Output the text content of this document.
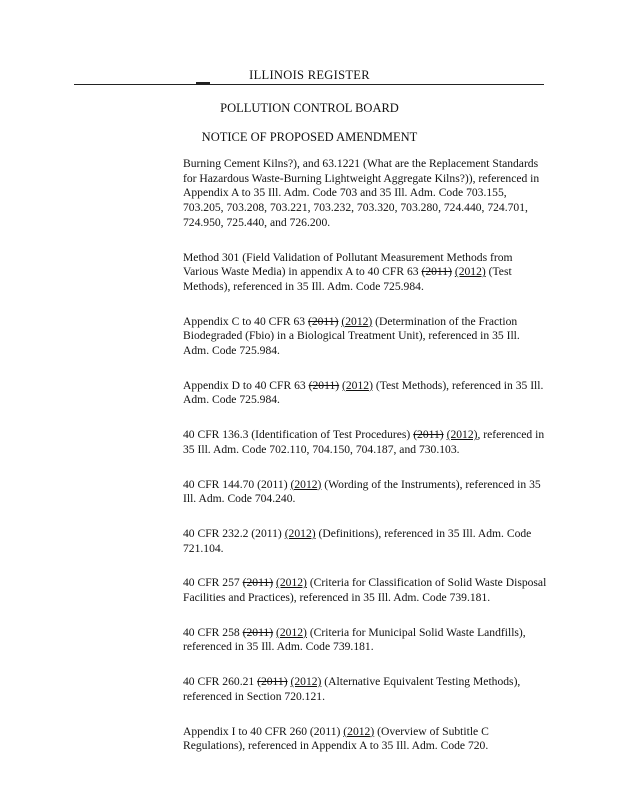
ILLINOIS REGISTER
POLLUTION CONTROL BOARD
NOTICE OF PROPOSED AMENDMENT

Burning Cement Kilns?), and 63.1221 (What are the Replacement Standards for Hazardous Waste-Burning Lightweight Aggregate Kilns?)), referenced in Appendix A to 35 Ill. Adm. Code 703 and 35 Ill. Adm. Code 703.155, 703.205, 703.208, 703.221, 703.232, 703.320, 703.280, 724.440, 724.701, 724.950, 725.440, and 726.200.

Method 301 (Field Validation of Pollutant Measurement Methods from Various Waste Media) in appendix A to 40 CFR 63 (2011) (2012) (Test Methods), referenced in 35 Ill. Adm. Code 725.984.

Appendix C to 40 CFR 63 (2011) (2012) (Determination of the Fraction Biodegraded (Fbio) in a Biological Treatment Unit), referenced in 35 Ill. Adm. Code 725.984.

Appendix D to 40 CFR 63 (2011) (2012) (Test Methods), referenced in 35 Ill. Adm. Code 725.984.

40 CFR 136.3 (Identification of Test Procedures) (2011) (2012), referenced in 35 Ill. Adm. Code 702.110, 704.150, 704.187, and 730.103.

40 CFR 144.70 (2011) (2012) (Wording of the Instruments), referenced in 35 Ill. Adm. Code 704.240.

40 CFR 232.2 (2011) (2012) (Definitions), referenced in 35 Ill. Adm. Code 721.104.

40 CFR 257 (2011) (2012) (Criteria for Classification of Solid Waste Disposal Facilities and Practices), referenced in 35 Ill. Adm. Code 739.181.

40 CFR 258 (2011) (2012) (Criteria for Municipal Solid Waste Landfills), referenced in 35 Ill. Adm. Code 739.181.

40 CFR 260.21 (2011) (2012) (Alternative Equivalent Testing Methods), referenced in Section 720.121.

Appendix I to 40 CFR 260 (2011) (2012) (Overview of Subtitle C Regulations), referenced in Appendix A to 35 Ill. Adm. Code 720.
